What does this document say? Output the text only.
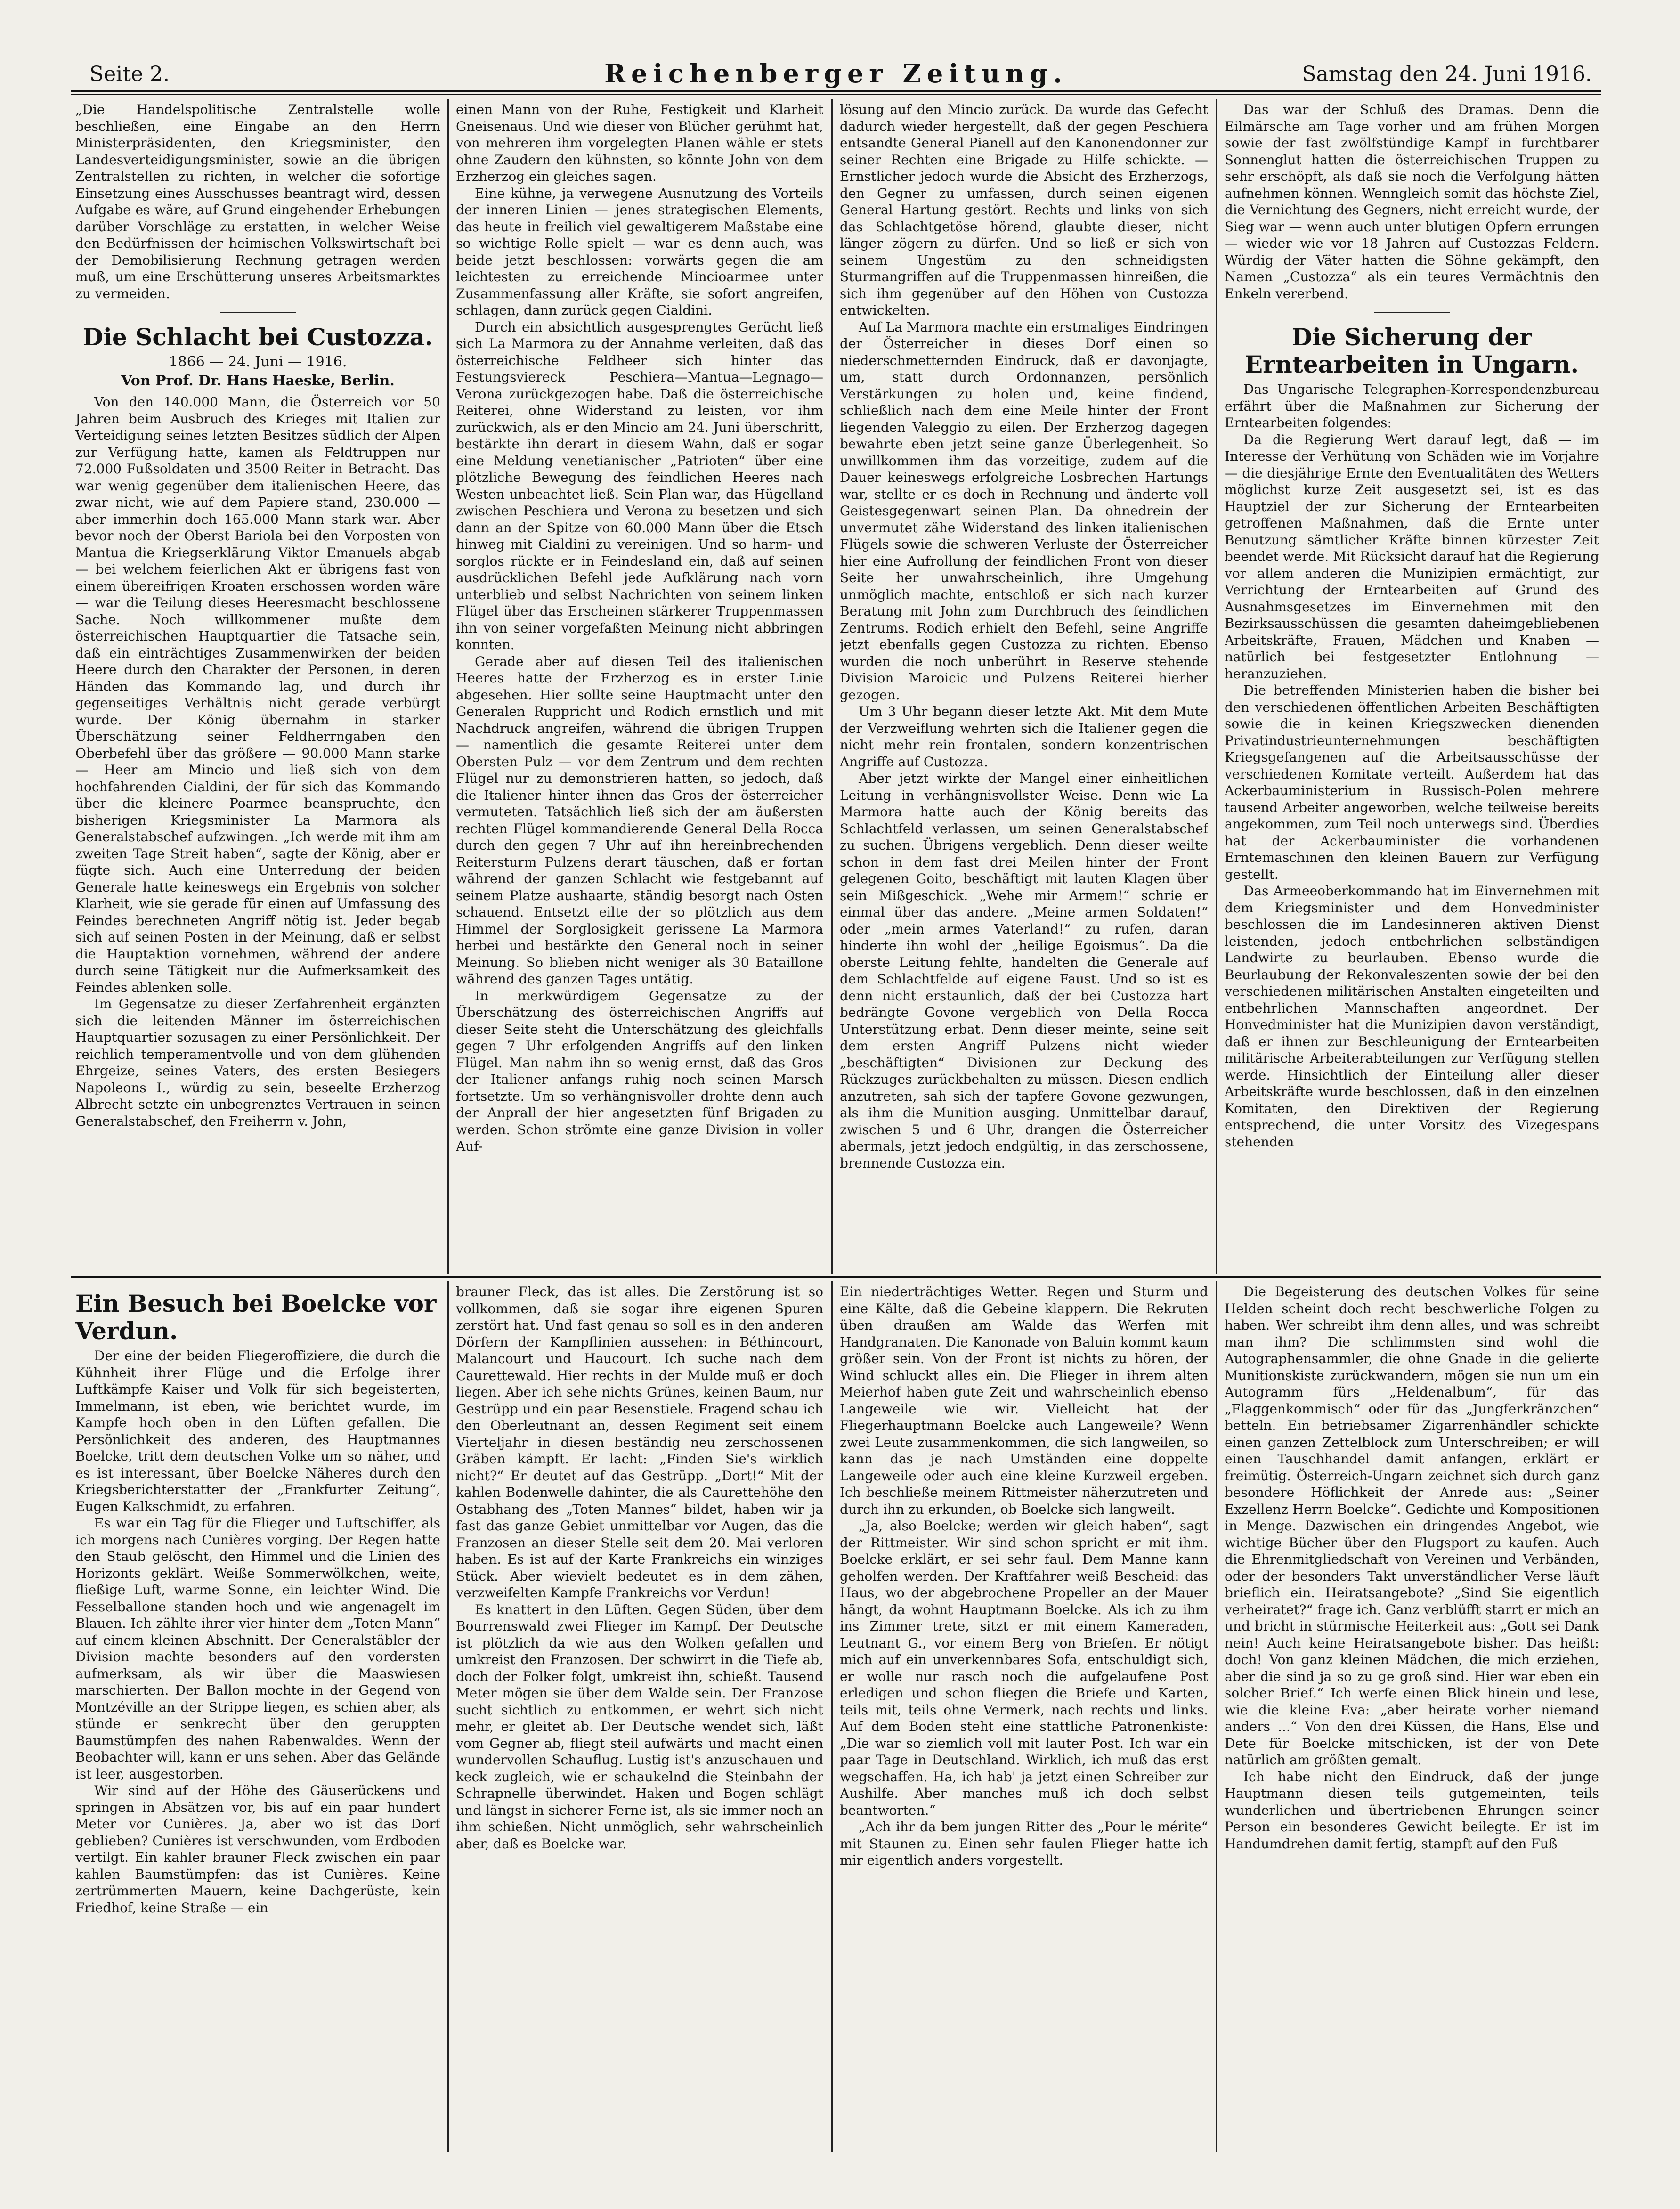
Seite 2.	Reichenberger Zeitung.	Samstag den 24. Juni 1916.

„Die Handelspolitische Zentralstelle wolle beschließen, eine Eingabe an den Herrn Ministerpräsidenten, den Kriegsminister, den Landesverteidigungsminister, sowie an die übrigen Zentralstellen zu richten, in welcher die sofortige Einsetzung eines Ausschusses beantragt wird, dessen Aufgabe es wäre, auf Grund eingehender Erhebungen darüber Vorschläge zu erstatten, in welcher Weise den Bedürfnissen der heimischen Volkswirtschaft bei der Demobilisierung Rechnung getragen werden muß, um eine Erschütterung unseres Arbeitsmarktes zu vermeiden.

Die Schlacht bei Custozza.
1866 — 24. Juni — 1916.
Von Prof. Dr. Hans Haeske, Berlin.

Von den 140.000 Mann, die Österreich vor 50 Jahren beim Ausbruch des Krieges mit Italien zur Verteidigung seines letzten Besitzes südlich der Alpen zur Verfügung hatte, kamen als Feldtruppen nur 72.000 Fußsoldaten und 3500 Reiter in Betracht. Das war wenig gegenüber dem italienischen Heere, das zwar nicht, wie auf dem Papiere stand, 230.000 — aber immerhin doch 165.000 Mann stark war. Aber bevor noch der Oberst Bariola bei den Vorposten von Mantua die Kriegserklärung Viktor Emanuels abgab — bei welchem feierlichen Akt er übrigens fast von einem übereifrigen Kroaten erschossen worden wäre — war die Teilung dieses Heeresmacht beschlossene Sache. Noch willkommener mußte dem österreichischen Hauptquartier die Tatsache sein, daß ein einträchtiges Zusammenwirken der beiden Heere durch den Charakter der Personen, in deren Händen das Kommando lag, und durch ihr gegenseitiges Verhältnis nicht gerade verbürgt wurde. Der König übernahm in starker Überschätzung seiner Feldherrngaben den Oberbefehl über das größere — 90.000 Mann starke — Heer am Mincio und ließ sich von dem hochfahrenden Cialdini, der für sich das Kommando über die kleinere Poarmee beanspruchte, den bisherigen Kriegsminister La Marmora als Generalstabschef aufzwingen. „Ich werde mit ihm am zweiten Tage Streit haben“, sagte der König, aber er fügte sich. Auch eine Unterredung der beiden Generale hatte keineswegs ein Ergebnis von solcher Klarheit, wie sie gerade für einen auf Umfassung des Feindes berechneten Angriff nötig ist. Jeder begab sich auf seinen Posten in der Meinung, daß er selbst die Hauptaktion vornehmen, während der andere durch seine Tätigkeit nur die Aufmerksamkeit des Feindes ablenken solle.

Im Gegensatze zu dieser Zerfahrenheit ergänzten sich die leitenden Männer im österreichischen Hauptquartier sozusagen zu einer Persönlichkeit. Der reichlich temperamentvolle und von dem glühenden Ehrgeize, seines Vaters, des ersten Besiegers Napoleons I., würdig zu sein, beseelte Erzherzog Albrecht setzte ein unbegrenztes Vertrauen in seinen Generalstabschef, den Freiherrn v. John,

einen Mann von der Ruhe, Festigkeit und Klarheit Gneisenaus. Und wie dieser von Blücher gerühmt hat, von mehreren ihm vorgelegten Planen wähle er stets ohne Zaudern den kühnsten, so könnte John von dem Erzherzog ein gleiches sagen.

Eine kühne, ja verwegene Ausnutzung des Vorteils der inneren Linien — jenes strategischen Elements, das heute in freilich viel gewaltigerem Maßstabe eine so wichtige Rolle spielt — war es denn auch, was beide jetzt beschlossen: vorwärts gegen die am leichtesten zu erreichende Mincioarmee unter Zusammenfassung aller Kräfte, sie sofort angreifen, schlagen, dann zurück gegen Cialdini.

Durch ein absichtlich ausgesprengtes Gerücht ließ sich La Marmora zu der Annahme verleiten, daß das österreichische Feldheer sich hinter das Festungsviereck Peschiera—Mantua—Legnago—Verona zurückgezogen habe. Daß die österreichische Reiterei, ohne Widerstand zu leisten, vor ihm zurückwich, als er den Mincio am 24. Juni überschritt, bestärkte ihn derart in diesem Wahn, daß er sogar eine Meldung venetianischer „Patrioten“ über eine plötzliche Bewegung des feindlichen Heeres nach Westen unbeachtet ließ. Sein Plan war, das Hügelland zwischen Peschiera und Verona zu besetzen und sich dann an der Spitze von 60.000 Mann über die Etsch hinweg mit Cialdini zu vereinigen. Und so harm- und sorglos rückte er in Feindesland ein, daß auf seinen ausdrücklichen Befehl jede Aufklärung nach vorn unterblieb und selbst Nachrichten von seinem linken Flügel über das Erscheinen stärkerer Truppenmassen ihn von seiner vorgefaßten Meinung nicht abbringen konnten.

Gerade aber auf diesen Teil des italienischen Heeres hatte der Erzherzog es in erster Linie abgesehen. Hier sollte seine Hauptmacht unter den Generalen Ruppricht und Rodich ernstlich und mit Nachdruck angreifen, während die übrigen Truppen — namentlich die gesamte Reiterei unter dem Obersten Pulz — vor dem Zentrum und dem rechten Flügel nur zu demonstrieren hatten, so jedoch, daß die Italiener hinter ihnen das Gros der österreicher vermuteten. Tatsächlich ließ sich der am äußersten rechten Flügel kommandierende General Della Rocca durch den gegen 7 Uhr auf ihn hereinbrechenden Reitersturm Pulzens derart täuschen, daß er fortan während der ganzen Schlacht wie festgebannt auf seinem Platze aushaarte, ständig besorgt nach Osten schauend. Entsetzt eilte der so plötzlich aus dem Himmel der Sorglosigkeit gerissene La Marmora herbei und bestärkte den General noch in seiner Meinung. So blieben nicht weniger als 30 Bataillone während des ganzen Tages untätig.

In merkwürdigem Gegensatze zu der Überschätzung des österreichischen Angriffs auf dieser Seite steht die Unterschätzung des gleichfalls gegen 7 Uhr erfolgenden Angriffs auf den linken Flügel. Man nahm ihn so wenig ernst, daß das Gros der Italiener anfangs ruhig noch seinen Marsch fortsetzte. Um so verhängnisvoller drohte denn auch der Anprall der hier angesetzten fünf Brigaden zu werden. Schon strömte eine ganze Division in voller Auf-

lösung auf den Mincio zurück. Da wurde das Gefecht dadurch wieder hergestellt, daß der gegen Peschiera entsandte General Pianell auf den Kanonendonner zur seiner Rechten eine Brigade zu Hilfe schickte. — Ernstlicher jedoch wurde die Absicht des Erzherzogs, den Gegner zu umfassen, durch seinen eigenen General Hartung gestört. Rechts und links von sich das Schlachtgetöse hörend, glaubte dieser, nicht länger zögern zu dürfen. Und so ließ er sich von seinem Ungestüm zu den schneidigsten Sturmangriffen auf die Truppenmassen hinreißen, die sich ihm gegenüber auf den Höhen von Custozza entwickelten.

Auf La Marmora machte ein erstmaliges Eindringen der Österreicher in dieses Dorf einen so niederschmetternden Eindruck, daß er davonjagte, um, statt durch Ordonnanzen, persönlich Verstärkungen zu holen und, keine findend, schließlich nach dem eine Meile hinter der Front liegenden Valeggio zu eilen. Der Erzherzog dagegen bewahrte eben jetzt seine ganze Überlegenheit. So unwillkommen ihm das vorzeitige, zudem auf die Dauer keineswegs erfolgreiche Losbrechen Hartungs war, stellte er es doch in Rechnung und änderte voll Geistesgegenwart seinen Plan. Da ohnedrein der unvermutet zähe Widerstand des linken italienischen Flügels sowie die schweren Verluste der Österreicher hier eine Aufrollung der feindlichen Front von dieser Seite her unwahrscheinlich, ihre Umgehung unmöglich machte, entschloß er sich nach kurzer Beratung mit John zum Durchbruch des feindlichen Zentrums. Rodich erhielt den Befehl, seine Angriffe jetzt ebenfalls gegen Custozza zu richten. Ebenso wurden die noch unberührt in Reserve stehende Division Maroicic und Pulzens Reiterei hierher gezogen.

Um 3 Uhr begann dieser letzte Akt. Mit dem Mute der Verzweiflung wehrten sich die Italiener gegen die nicht mehr rein frontalen, sondern konzentrischen Angriffe auf Custozza.

Aber jetzt wirkte der Mangel einer einheitlichen Leitung in verhängnisvollster Weise. Denn wie La Marmora hatte auch der König bereits das Schlachtfeld verlassen, um seinen Generalstabschef zu suchen. Übrigens vergeblich. Denn dieser weilte schon in dem fast drei Meilen hinter der Front gelegenen Goito, beschäftigt mit lauten Klagen über sein Mißgeschick. „Wehe mir Armem!“ schrie er einmal über das andere. „Meine armen Soldaten!“ oder „mein armes Vaterland!“ zu rufen, daran hinderte ihn wohl der „heilige Egoismus“. Da die oberste Leitung fehlte, handelten die Generale auf dem Schlachtfelde auf eigene Faust. Und so ist es denn nicht erstaunlich, daß der bei Custozza hart bedrängte Govone vergeblich von Della Rocca Unterstützung erbat. Denn dieser meinte, seine seit dem ersten Angriff Pulzens nicht wieder „beschäftigten“ Divisionen zur Deckung des Rückzuges zurückbehalten zu müssen. Diesen endlich anzutreten, sah sich der tapfere Govone gezwungen, als ihm die Munition ausging. Unmittelbar darauf, zwischen 5 und 6 Uhr, drangen die Österreicher abermals, jetzt jedoch endgültig, in das zerschossene, brennende Custozza ein.

Das war der Schluß des Dramas. Denn die Eilmärsche am Tage vorher und am frühen Morgen sowie der fast zwölfstündige Kampf in furchtbarer Sonnenglut hatten die österreichischen Truppen zu sehr erschöpft, als daß sie noch die Verfolgung hätten aufnehmen können. Wenngleich somit das höchste Ziel, die Vernichtung des Gegners, nicht erreicht wurde, der Sieg war — wenn auch unter blutigen Opfern errungen — wieder wie vor 18 Jahren auf Custozzas Feldern. Würdig der Väter hatten die Söhne gekämpft, den Namen „Custozza“ als ein teures Vermächtnis den Enkeln vererbend.

Die Sicherung der Erntearbeiten in Ungarn.

Das Ungarische Telegraphen-Korrespondenzbureau erfährt über die Maßnahmen zur Sicherung der Erntearbeiten folgendes:

Da die Regierung Wert darauf legt, daß — im Interesse der Verhütung von Schäden wie im Vorjahre — die diesjährige Ernte den Eventualitäten des Wetters möglichst kurze Zeit ausgesetzt sei, ist es das Hauptziel der zur Sicherung der Erntearbeiten getroffenen Maßnahmen, daß die Ernte unter Benutzung sämtlicher Kräfte binnen kürzester Zeit beendet werde. Mit Rücksicht darauf hat die Regierung vor allem anderen die Munizipien ermächtigt, zur Verrichtung der Erntearbeiten auf Grund des Ausnahmsgesetzes im Einvernehmen mit den Bezirksausschüssen die gesamten daheimgebliebenen Arbeitskräfte, Frauen, Mädchen und Knaben — natürlich bei festgesetzter Entlohnung — heranzuziehen.

Die betreffenden Ministerien haben die bisher bei den verschiedenen öffentlichen Arbeiten Beschäftigten sowie die in keinen Kriegszwecken dienenden Privatindustrieunternehmungen beschäftigten Kriegsgefangenen auf die Arbeitsausschüsse der verschiedenen Komitate verteilt. Außerdem hat das Ackerbauministerium in Russisch-Polen mehrere tausend Arbeiter angeworben, welche teilweise bereits angekommen, zum Teil noch unterwegs sind. Überdies hat der Ackerbauminister die vorhandenen Erntemaschinen den kleinen Bauern zur Verfügung gestellt.

Das Armeeoberkommando hat im Einvernehmen mit dem Kriegsminister und dem Honvedminister beschlossen die im Landesinneren aktiven Dienst leistenden, jedoch entbehrlichen selbständigen Landwirte zu beurlauben. Ebenso wurde die Beurlaubung der Rekonvaleszenten sowie der bei den verschiedenen militärischen Anstalten eingeteilten und entbehrlichen Mannschaften angeordnet. Der Honvedminister hat die Munizipien davon verständigt, daß er ihnen zur Beschleunigung der Erntearbeiten militärische Arbeiterabteilungen zur Verfügung stellen werde. Hinsichtlich der Einteilung aller dieser Arbeitskräfte wurde beschlossen, daß in den einzelnen Komitaten, den Direktiven der Regierung entsprechend, die unter Vorsitz des Vizegespans stehenden

Ein Besuch bei Boelcke vor Verdun.

Der eine der beiden Fliegeroffiziere, die durch die Kühnheit ihrer Flüge und die Erfolge ihrer Luftkämpfe Kaiser und Volk für sich begeisterten, Immelmann, ist eben, wie berichtet wurde, im Kampfe hoch oben in den Lüften gefallen. Die Persönlichkeit des anderen, des Hauptmannes Boelcke, tritt dem deutschen Volke um so näher, und es ist interessant, über Boelcke Näheres durch den Kriegsberichterstatter der „Frankfurter Zeitung“, Eugen Kalkschmidt, zu erfahren.

Es war ein Tag für die Flieger und Luftschiffer, als ich morgens nach Cunières vorging. Der Regen hatte den Staub gelöscht, den Himmel und die Linien des Horizonts geklärt. Weiße Sommerwölkchen, weite, fließige Luft, warme Sonne, ein leichter Wind. Die Fesselballone standen hoch und wie angenagelt im Blauen. Ich zählte ihrer vier hinter dem „Toten Mann“ auf einem kleinen Abschnitt. Der Generalstäbler der Division machte besonders auf den vordersten aufmerksam, als wir über die Maaswiesen marschierten. Der Ballon mochte in der Gegend von Montzéville an der Strippe liegen, es schien aber, als stünde er senkrecht über den geruppten Baumstümpfen des nahen Rabenwaldes. Wenn der Beobachter will, kann er uns sehen. Aber das Gelände ist leer, ausgestorben.

Wir sind auf der Höhe des Gäuserückens und springen in Absätzen vor, bis auf ein paar hundert Meter vor Cunières. Ja, aber wo ist das Dorf geblieben? Cunières ist verschwunden, vom Erdboden vertilgt. Ein kahler brauner Fleck zwischen ein paar kahlen Baumstümpfen: das ist Cunières. Keine zertrümmerten Mauern, keine Dachgerüste, kein Friedhof, keine Straße — ein

brauner Fleck, das ist alles. Die Zerstörung ist so vollkommen, daß sie sogar ihre eigenen Spuren zerstört hat. Und fast genau so soll es in den anderen Dörfern der Kampflinien aussehen: in Béthincourt, Malancourt und Haucourt. Ich suche nach dem Caurettewald. Hier rechts in der Mulde muß er doch liegen. Aber ich sehe nichts Grünes, keinen Baum, nur Gestrüpp und ein paar Besenstiele. Fragend schau ich den Oberleutnant an, dessen Regiment seit einem Vierteljahr in diesen beständig neu zerschossenen Gräben kämpft. Er lacht: „Finden Sie's wirklich nicht?“ Er deutet auf das Gestrüpp. „Dort!“ Mit der kahlen Bodenwelle dahinter, die als Caurettehöhe den Ostabhang des „Toten Mannes“ bildet, haben wir ja fast das ganze Gebiet unmittelbar vor Augen, das die Franzosen an dieser Stelle seit dem 20. Mai verloren haben. Es ist auf der Karte Frankreichs ein winziges Stück. Aber wievielt bedeutet es in dem zähen, verzweifelten Kampfe Frankreichs vor Verdun!

Es knattert in den Lüften. Gegen Süden, über dem Bourrenswald zwei Flieger im Kampf. Der Deutsche ist plötzlich da wie aus den Wolken gefallen und umkreist den Franzosen. Der schwirrt in die Tiefe ab, doch der Folker folgt, umkreist ihn, schießt. Tausend Meter mögen sie über dem Walde sein. Der Franzose sucht sichtlich zu entkommen, er wehrt sich nicht mehr, er gleitet ab. Der Deutsche wendet sich, läßt vom Gegner ab, fliegt steil aufwärts und macht einen wundervollen Schauflug. Lustig ist's anzuschauen und keck zugleich, wie er schaukelnd die Steinbahn der Schrapnelle überwindet. Haken und Bogen schlägt und längst in sicherer Ferne ist, als sie immer noch an ihm schießen. Nicht unmöglich, sehr wahrscheinlich aber, daß es Boelcke war.

Ein niederträchtiges Wetter. Regen und Sturm und eine Kälte, daß die Gebeine klappern. Die Rekruten üben draußen am Walde das Werfen mit Handgranaten. Die Kanonade von Baluin kommt kaum größer sein. Von der Front ist nichts zu hören, der Wind schluckt alles ein. Die Flieger in ihrem alten Meierhof haben gute Zeit und wahrscheinlich ebenso Langeweile wie wir. Vielleicht hat der Fliegerhauptmann Boelcke auch Langeweile? Wenn zwei Leute zusammenkommen, die sich langweilen, so kann das je nach Umständen eine doppelte Langeweile oder auch eine kleine Kurzweil ergeben. Ich beschließe meinem Rittmeister näherzutreten und durch ihn zu erkunden, ob Boelcke sich langweilt.

„Ja, also Boelcke; werden wir gleich haben“, sagt der Rittmeister. Wir sind schon spricht er mit ihm. Boelcke erklärt, er sei sehr faul. Dem Manne kann geholfen werden. Der Kraftfahrer weiß Bescheid: das Haus, wo der abgebrochene Propeller an der Mauer hängt, da wohnt Hauptmann Boelcke. Als ich zu ihm ins Zimmer trete, sitzt er mit einem Kameraden, Leutnant G., vor einem Berg von Briefen. Er nötigt mich auf ein unverkennbares Sofa, entschuldigt sich, er wolle nur rasch noch die aufgelaufene Post erledigen und schon fliegen die Briefe und Karten, teils mit, teils ohne Vermerk, nach rechts und links. Auf dem Boden steht eine stattliche Patronenkiste: „Die war so ziemlich voll mit lauter Post. Ich war ein paar Tage in Deutschland. Wirklich, ich muß das erst wegschaffen. Ha, ich hab' ja jetzt einen Schreiber zur Aushilfe. Aber manches muß ich doch selbst beantworten.“

„Ach ihr da bem jungen Ritter des „Pour le mérite“ mit Staunen zu. Einen sehr faulen Flieger hatte ich mir eigentlich anders vorgestellt.

Die Begeisterung des deutschen Volkes für seine Helden scheint doch recht beschwerliche Folgen zu haben. Wer schreibt ihm denn alles, und was schreibt man ihm? Die schlimmsten sind wohl die Autographensammler, die ohne Gnade in die gelierte Munitionskiste zurückwandern, mögen sie nun um ein Autogramm fürs „Heldenalbum“, für das „Flaggenkommisch“ oder für das „Jungferkränzchen“ betteln. Ein betriebsamer Zigarrenhändler schickte einen ganzen Zettelblock zum Unterschreiben; er will einen Tauschhandel damit anfangen, erklärt er freimütig. Österreich-Ungarn zeichnet sich durch ganz besondere Höflichkeit der Anrede aus: „Seiner Exzellenz Herrn Boelcke“. Gedichte und Kompositionen in Menge. Dazwischen ein dringendes Angebot, wie wichtige Bücher über den Flugsport zu kaufen. Auch die Ehrenmitgliedschaft von Vereinen und Verbänden, oder der besonders Takt unverständlicher Verse läuft brieflich ein. Heiratsangebote? „Sind Sie eigentlich verheiratet?“ frage ich. Ganz verblüfft starrt er mich an und bricht in stürmische Heiterkeit aus: „Gott sei Dank nein! Auch keine Heiratsangebote bisher. Das heißt: doch! Von ganz kleinen Mädchen, die mich erziehen, aber die sind ja so zu ge groß sind. Hier war eben ein solcher Brief.“ Ich werfe einen Blick hinein und lese, wie die kleine Eva: „aber heirate vorher niemand anders ...“ Von den drei Küssen, die Hans, Else und Dete für Boelcke mitschicken, ist der von Dete natürlich am größten gemalt.

Ich habe nicht den Eindruck, daß der junge Hauptmann diesen teils gutgemeinten, teils wunderlichen und übertriebenen Ehrungen seiner Person ein besonderes Gewicht beilegte. Er ist im Handumdrehen damit fertig, stampft auf den Fuß
